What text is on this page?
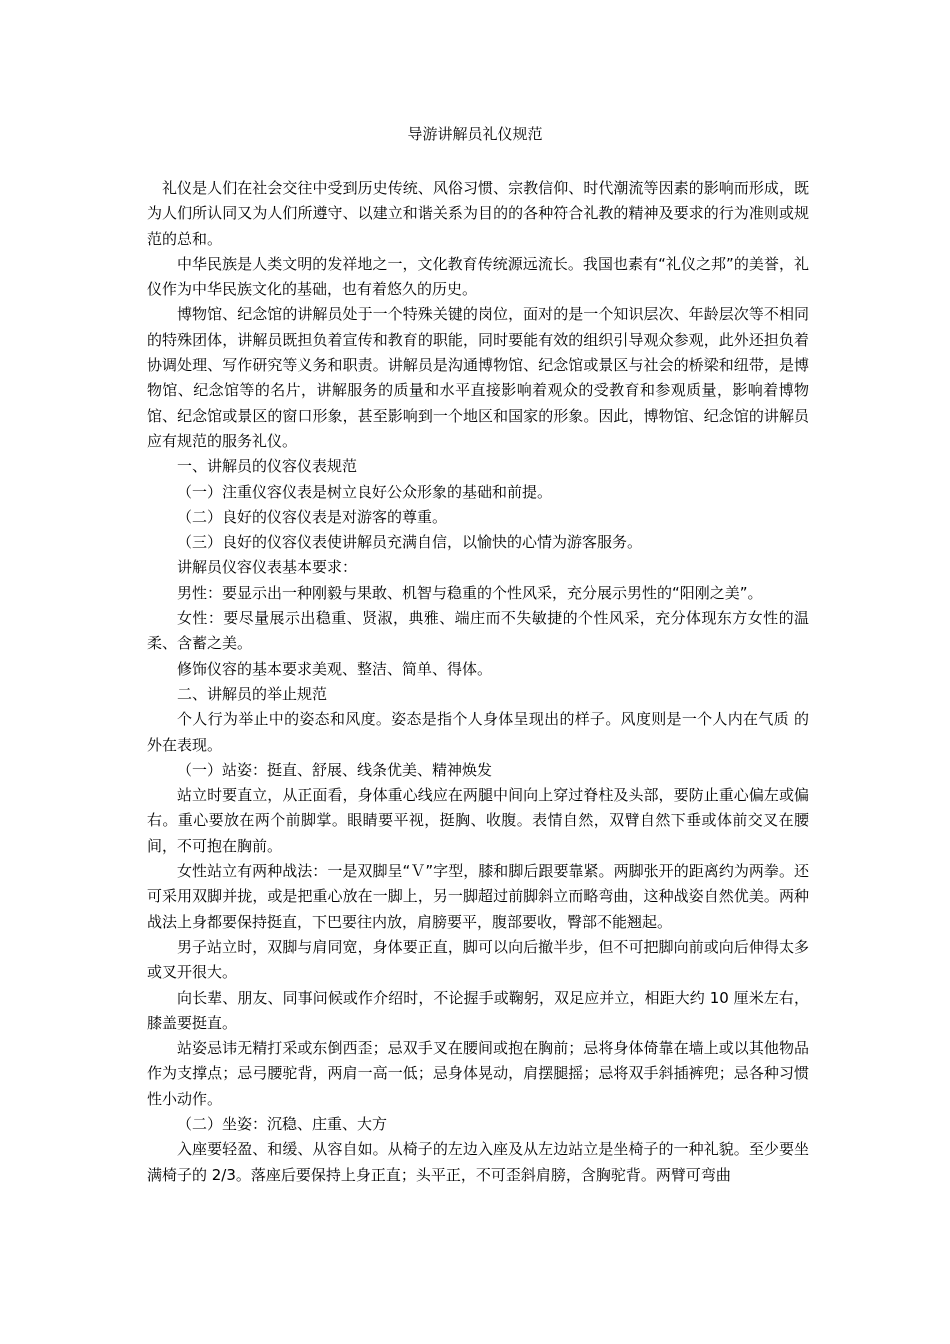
导游讲解员礼仪规范

礼仪是人们在社会交往中受到历史传统、风俗习惯、宗教信仰、时代潮流等因素的影响而形成，既为人们所认同又为人们所遵守、以建立和谐关系为目的的各种符合礼教的精神及要求的行为准则或规范的总和。

中华民族是人类文明的发祥地之一，文化教育传统源远流长。我国也素有“礼仪之邦”的美誉，礼仪作为中华民族文化的基础，也有着悠久的历史。

博物馆、纪念馆的讲解员处于一个特殊关键的岗位，面对的是一个知识层次、年龄层次等不相同的特殊团体，讲解员既担负着宣传和教育的职能，同时要能有效的组织引导观众参观，此外还担负着协调处理、写作研究等义务和职责。讲解员是沟通博物馆、纪念馆或景区与社会的桥梁和纽带，是博物馆、纪念馆等的名片，讲解服务的质量和水平直接影响着观众的受教育和参观质量，影响着博物馆、纪念馆或景区的窗口形象，甚至影响到一个地区和国家的形象。因此，博物馆、纪念馆的讲解员应有规范的服务礼仪。

一、讲解员的仪容仪表规范

（一）注重仪容仪表是树立良好公众形象的基础和前提。

（二）良好的仪容仪表是对游客的尊重。

（三）良好的仪容仪表使讲解员充满自信，以愉快的心情为游客服务。

讲解员仪容仪表基本要求：

男性：要显示出一种刚毅与果敢、机智与稳重的个性风采，充分展示男性的“阳刚之美”。

女性：要尽量展示出稳重、贤淑，典雅、端庄而不失敏捷的个性风采，充分体现东方女性的温柔、含蓄之美。

修饰仪容的基本要求美观、整洁、简单、得体。

二、讲解员的举止规范

个人行为举止中的姿态和风度。姿态是指个人身体呈现出的样子。风度则是一个人内在气质 的外在表现。

（一）站姿：挺直、舒展、线条优美、精神焕发

站立时要直立，从正面看，身体重心线应在两腿中间向上穿过脊柱及头部，要防止重心偏左或偏右。重心要放在两个前脚掌。眼睛要平视，挺胸、收腹。表情自然，双臂自然下垂或体前交叉在腰间，不可抱在胸前。

女性站立有两种战法：一是双脚呈“Ｖ”字型，膝和脚后跟要靠紧。两脚张开的距离约为两拳。还可采用双脚并拢，或是把重心放在一脚上，另一脚超过前脚斜立而略弯曲，这种战姿自然优美。两种战法上身都要保持挺直，下巴要往内放，肩膀要平，腹部要收，臀部不能翘起。

男子站立时，双脚与肩同宽，身体要正直，脚可以向后撤半步，但不可把脚向前或向后伸得太多或叉开很大。

向长辈、朋友、同事问候或作介绍时，不论握手或鞠躬，双足应并立，相距大约 10 厘米左右，膝盖要挺直。

站姿忌讳无精打采或东倒西歪；忌双手叉在腰间或抱在胸前；忌将身体倚靠在墙上或以其他物品作为支撑点；忌弓腰驼背，两肩一高一低；忌身体晃动，肩摆腿摇；忌将双手斜插裤兜；忌各种习惯性小动作。

（二）坐姿：沉稳、庄重、大方

入座要轻盈、和缓、从容自如。从椅子的左边入座及从左边站立是坐椅子的一种礼貌。至少要坐满椅子的 2/3。落座后要保持上身正直；头平正，不可歪斜肩膀，含胸驼背。两臂可弯曲
